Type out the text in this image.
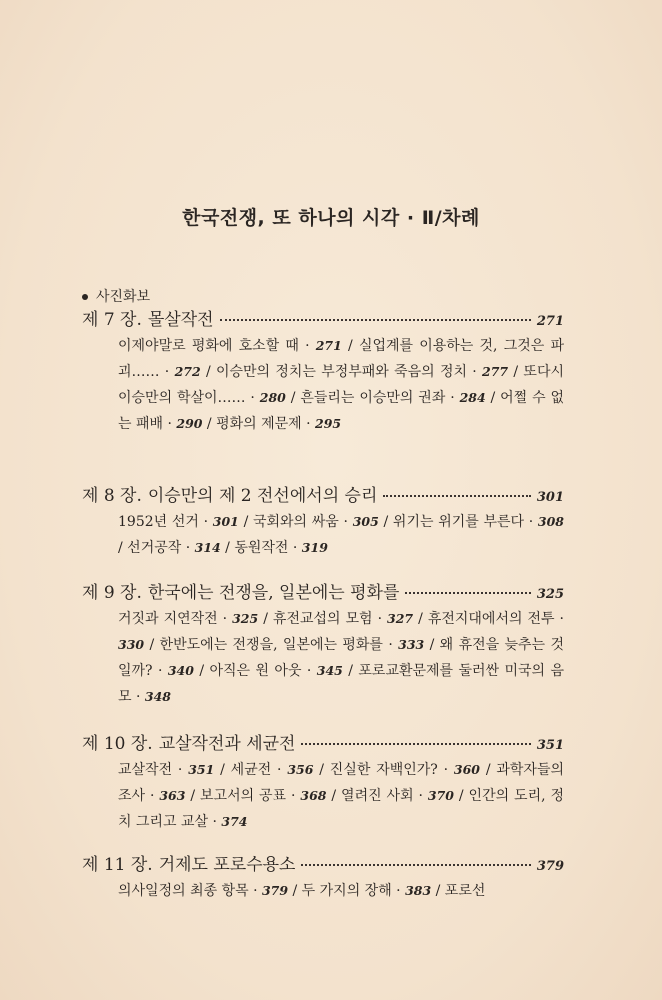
한국전쟁, 또 하나의 시각 · Ⅱ/차례
사진화보
제 7 장. 몰살작전	271
이제야말로 평화에 호소할 때 · 271 / 실업계를 이용하는 것, 그것은 파괴…… · 272 / 이승만의 정치는 부정부패와 죽음의 정치 · 277 / 또다시 이승만의 학살이…… · 280 / 흔들리는 이승만의 권좌 · 284 / 어쩔 수 없는 패배 · 290 / 평화의 제문제 · 295
제 8 장. 이승만의 제 2 전선에서의 승리	301
1952년 선거 · 301 / 국회와의 싸움 · 305 / 위기는 위기를 부른다 · 308 / 선거공작 · 314 / 동원작전 · 319
제 9 장. 한국에는 전쟁을, 일본에는 평화를	325
거짓과 지연작전 · 325 / 휴전교섭의 모험 · 327 / 휴전지대에서의 전투 · 330 / 한반도에는 전쟁을, 일본에는 평화를 · 333 / 왜 휴전을 늦추는 것일까? · 340 / 아직은 원 아웃 · 345 / 포로교환문제를 둘러싼 미국의 음모 · 348
제 10 장. 교살작전과 세균전	351
교살작전 · 351 / 세균전 · 356 / 진실한 자백인가? · 360 / 과학자들의 조사 · 363 / 보고서의 공표 · 368 / 열려진 사회 · 370 / 인간의 도리, 정치 그리고 교살 · 374
제 11 장. 거제도 포로수용소	379
의사일정의 최종 항목 · 379 / 두 가지의 장해 · 383 / 포로선
